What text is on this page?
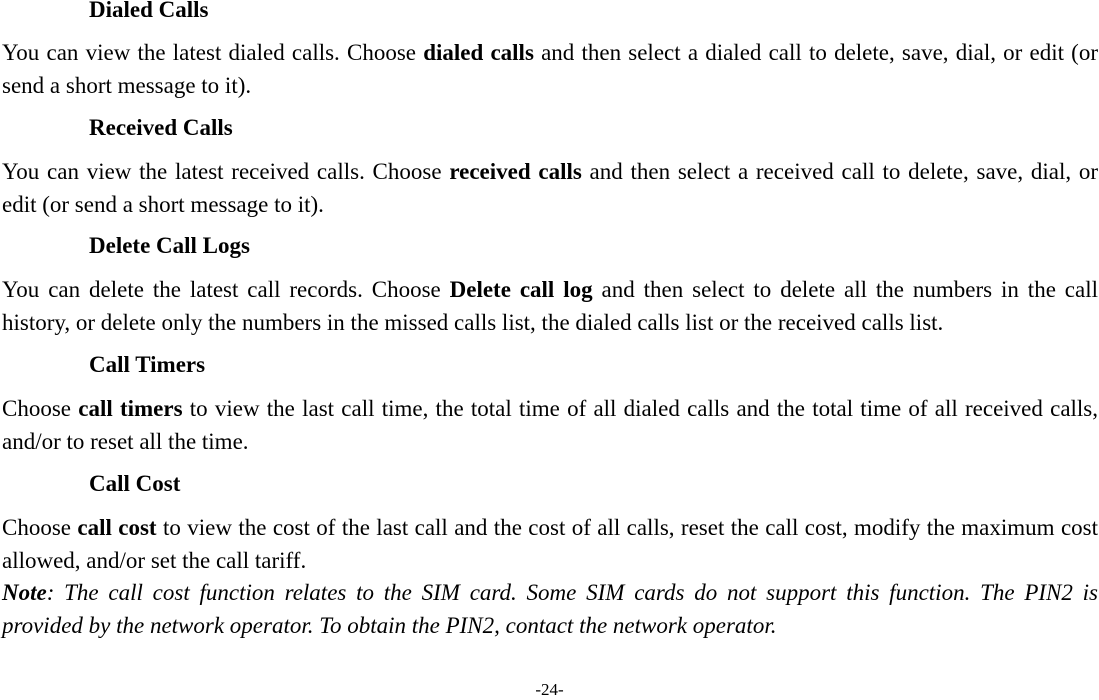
Dialed Calls

You can view the latest dialed calls. Choose dialed calls and then select a dialed call to delete, save, dial, or edit (or send a short message to it).

Received Calls

You can view the latest received calls. Choose received calls and then select a received call to delete, save, dial, or edit (or send a short message to it).

Delete Call Logs

You can delete the latest call records. Choose Delete call log and then select to delete all the numbers in the call history, or delete only the numbers in the missed calls list, the dialed calls list or the received calls list.

Call Timers

Choose call timers to view the last call time, the total time of all dialed calls and the total time of all received calls, and/or to reset all the time.

Call Cost

Choose call cost to view the cost of the last call and the cost of all calls, reset the call cost, modify the maximum cost allowed, and/or set the call tariff.

Note: The call cost function relates to the SIM card. Some SIM cards do not support this function. The PIN2 is provided by the network operator. To obtain the PIN2, contact the network operator.

-24-
